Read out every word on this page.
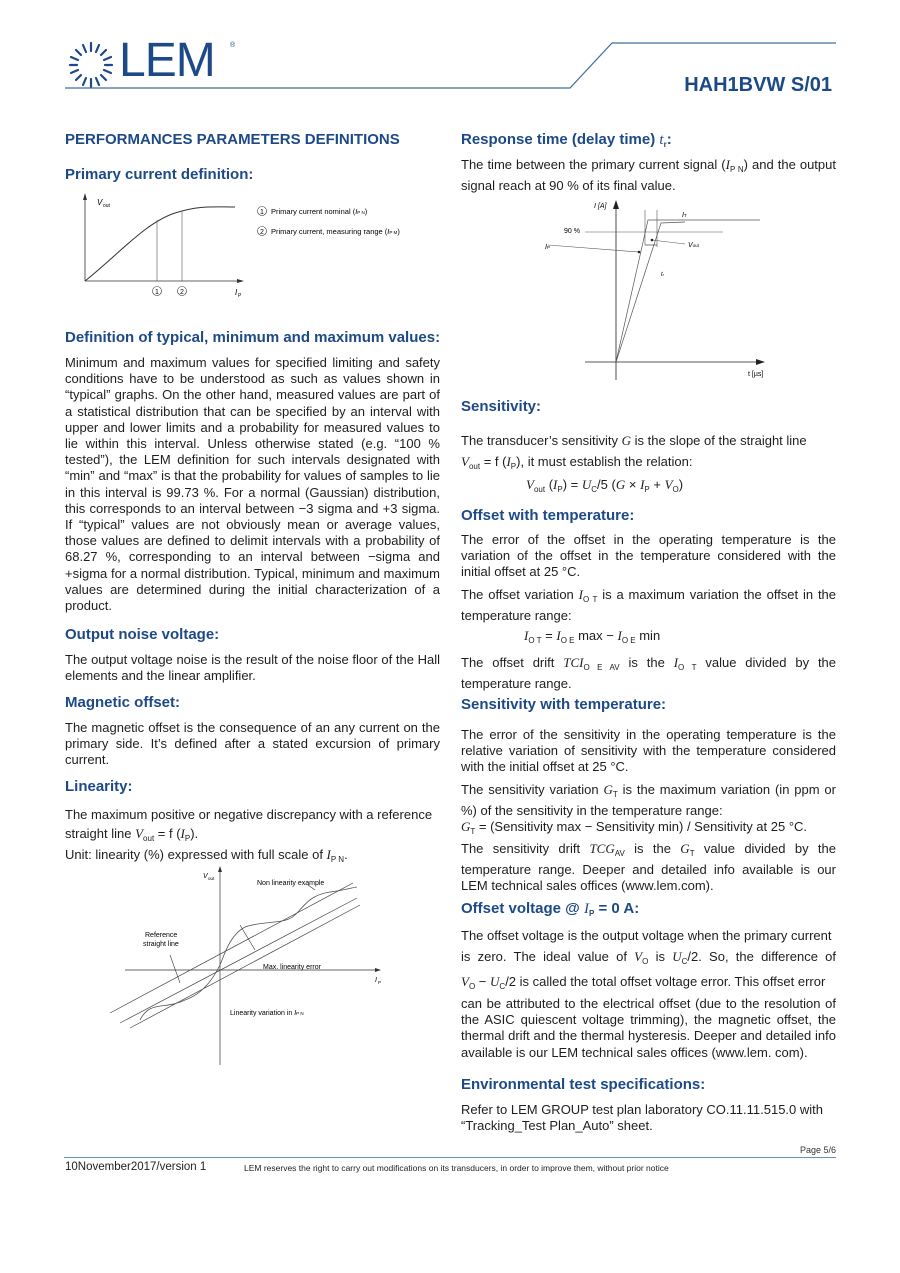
LEM ®
HAH1BVW S/01
PERFORMANCES PARAMETERS DEFINITIONS
Primary current definition:
1	2
V out
I P
1 Primary current nominal (IP N)
2 Primary current, measuring range (IP M)
Definition of typical, minimum and maximum values:

Minimum and maximum values for specified limiting and safety conditions have to be understood as such as values shown in “typical” graphs. On the other hand, measured values are part of a statistical distribution that can be specified by an interval with upper and lower limits and a probability for measured values to lie within this interval. Unless otherwise stated (e.g. “100 % tested”), the LEM definition for such intervals designated with “min” and “max” is that the probability for values of samples to lie in this interval is 99.73 %. For a normal (Gaussian) distribution, this corresponds to an interval between −3 sigma and +3 sigma. If “typical” values are not obviously mean or average values, those values are defined to delimit intervals with a probability of 68.27 %, corresponding to an interval between −sigma and +sigma for a normal distribution. Typical, minimum and maximum values are determined during the initial characterization of a product.

Output noise voltage:

The output voltage noise is the result of the noise floor of the Hall elements and the linear amplifier.

Magnetic offset:

The magnetic offset is the consequence of an any current on the primary side. It’s defined after a stated excursion of primary current.

Linearity:
The maximum positive or negative discrepancy with a reference
straight line $V_{out} = f$ $(I_P)$.
Unit: linearity (%) expressed with full scale of $I_{P N}$.
V out
I P
Non linearity example
Reference
straight line
Max. linearity error
Linearity variation in IP N
Response time (delay time) $t_r$:

The time between the primary current signal $(I_{P N})$ and the output signal reach at 90 % of its final value.

I [A]
90 %
IT
IP	Vout
tr
t [µs]
Sensitivity:
The transducer’s sensitivity G is the slope of the straight line
$V_{out} = f$ $(I_P)$, it must establish the relation:
$V_{out}$ $(I_P) = U_C/5$ $(G \times I_P + V_O)$
Offset with temperature:

The error of the offset in the operating temperature is the variation of the offset in the temperature considered with the initial offset at 25 °C.

The offset variation $I_{O T}$ is a maximum variation the offset in the temperature range:

$I_{O T} = I_{O E}$ $\max - I_{O E}$ min

The offset drift $TCI_{O E AV}$ is the $I_{O T}$ value divided by the temperature range.

Sensitivity with temperature:

The error of the sensitivity in the operating temperature is the relative variation of sensitivity with the temperature considered with the initial offset at 25 °C.

The sensitivity variation $G_T$ is the maximum variation (in ppm or %) of the sensitivity in the temperature range:

$G_T$ = (Sensitivity max − Sensitivity min) / Sensitivity at 25 °C.

The sensitivity drift $TCG_{AV}$ is the $G_T$ value divided by the temperature range. Deeper and detailed info available is our LEM technical sales offices (www.lem.com).

Offset voltage @ $I_P = 0$ A:
The offset voltage is the output voltage when the primary current
is zero. The ideal value of $V_O$ is $U_C/2$. So, the difference of
$V_O - U_C/2$ is called the total offset voltage error. This offset error
can be attributed to the electrical offset (due to the resolution of the ASIC quiescent voltage trimming), the magnetic offset, the thermal drift and the thermal hysteresis. Deeper and detailed info available is our LEM technical sales offices (www.lem. com).
Environmental test specifications:

Refer to LEM GROUP test plan laboratory CO.11.11.515.0 with “Tracking_Test Plan_Auto” sheet.

Page 5/6
10November2017/version 1	LEM reserves the right to carry out modifications on its transducers, in order to improve them, without prior notice
